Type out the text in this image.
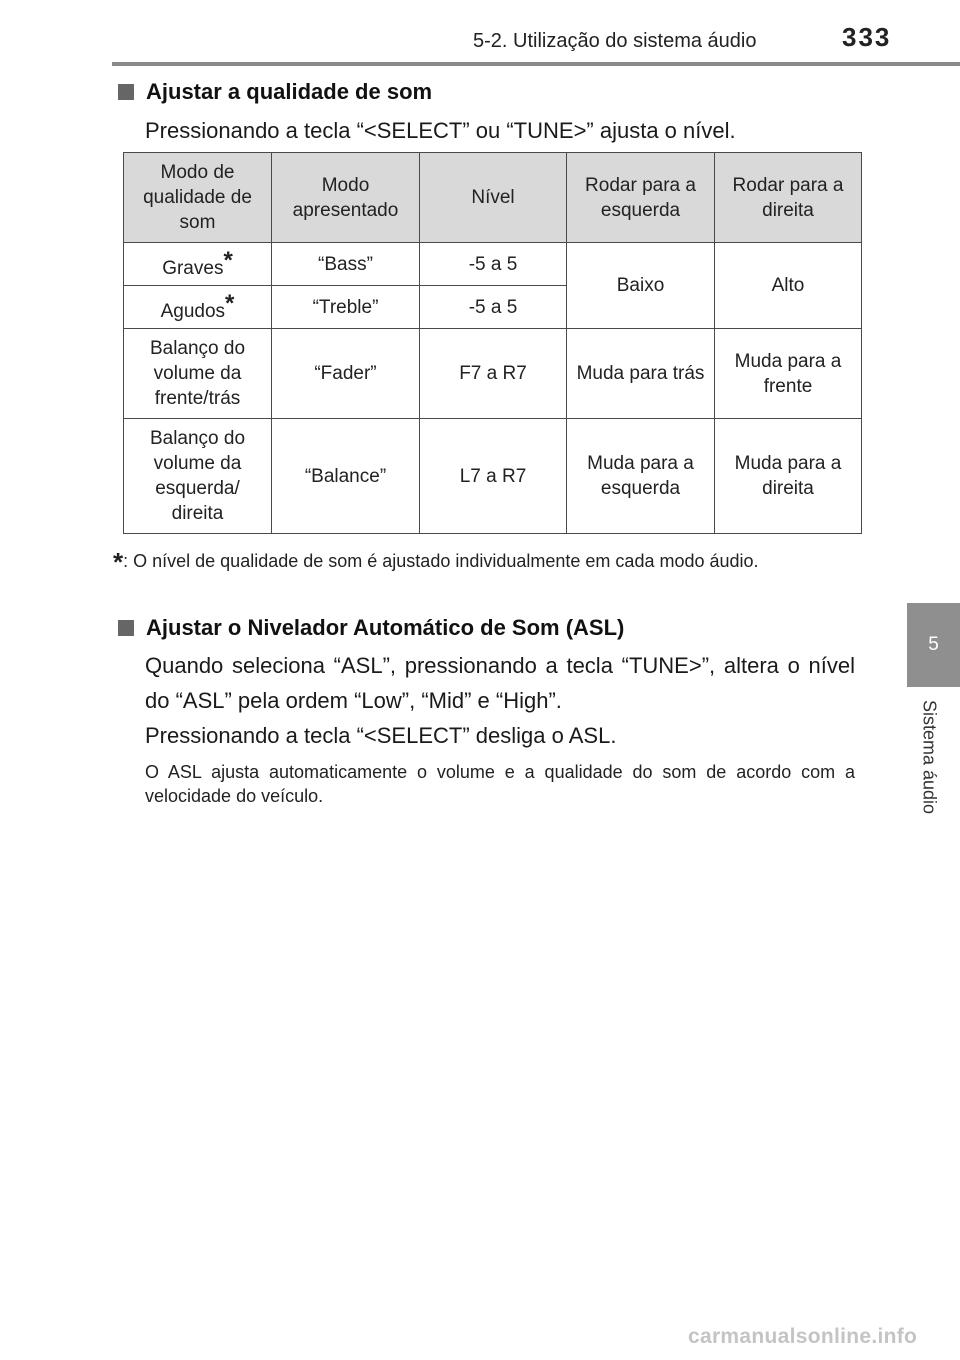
5-2. Utilização do sistema áudio	333
5
Sistema áudio
Ajustar a qualidade de som
Pressionando a tecla “<SELECT” ou “TUNE>” ajusta o nível.
Modo de qualidade de som	Modo apresentado	Nível	Rodar para a esquerda	Rodar para a direita
Graves*	“Bass”	-5 a 5	Baixo	Alto
Agudos*	“Treble”	-5 a 5		
Balanço do volume da frente/trás	“Fader”	F7 a R7	Muda para trás	Muda para a frente
Balanço do volume da esquerda/ direita	“Balance”	L7 a R7	Muda para a esquerda	Muda para a direita
*: O nível de qualidade de som é ajustado individualmente em cada modo áudio.
Ajustar o Nivelador Automático de Som (ASL)
Quando seleciona “ASL”, pressionando a tecla “TUNE>”, altera o nível do “ASL” pela ordem “Low”, “Mid” e “High”.
Pressionando a tecla “<SELECT” desliga o ASL.
O ASL ajusta automaticamente o volume e a qualidade do som de acordo com a velocidade do veículo.
carmanualsonline.info
